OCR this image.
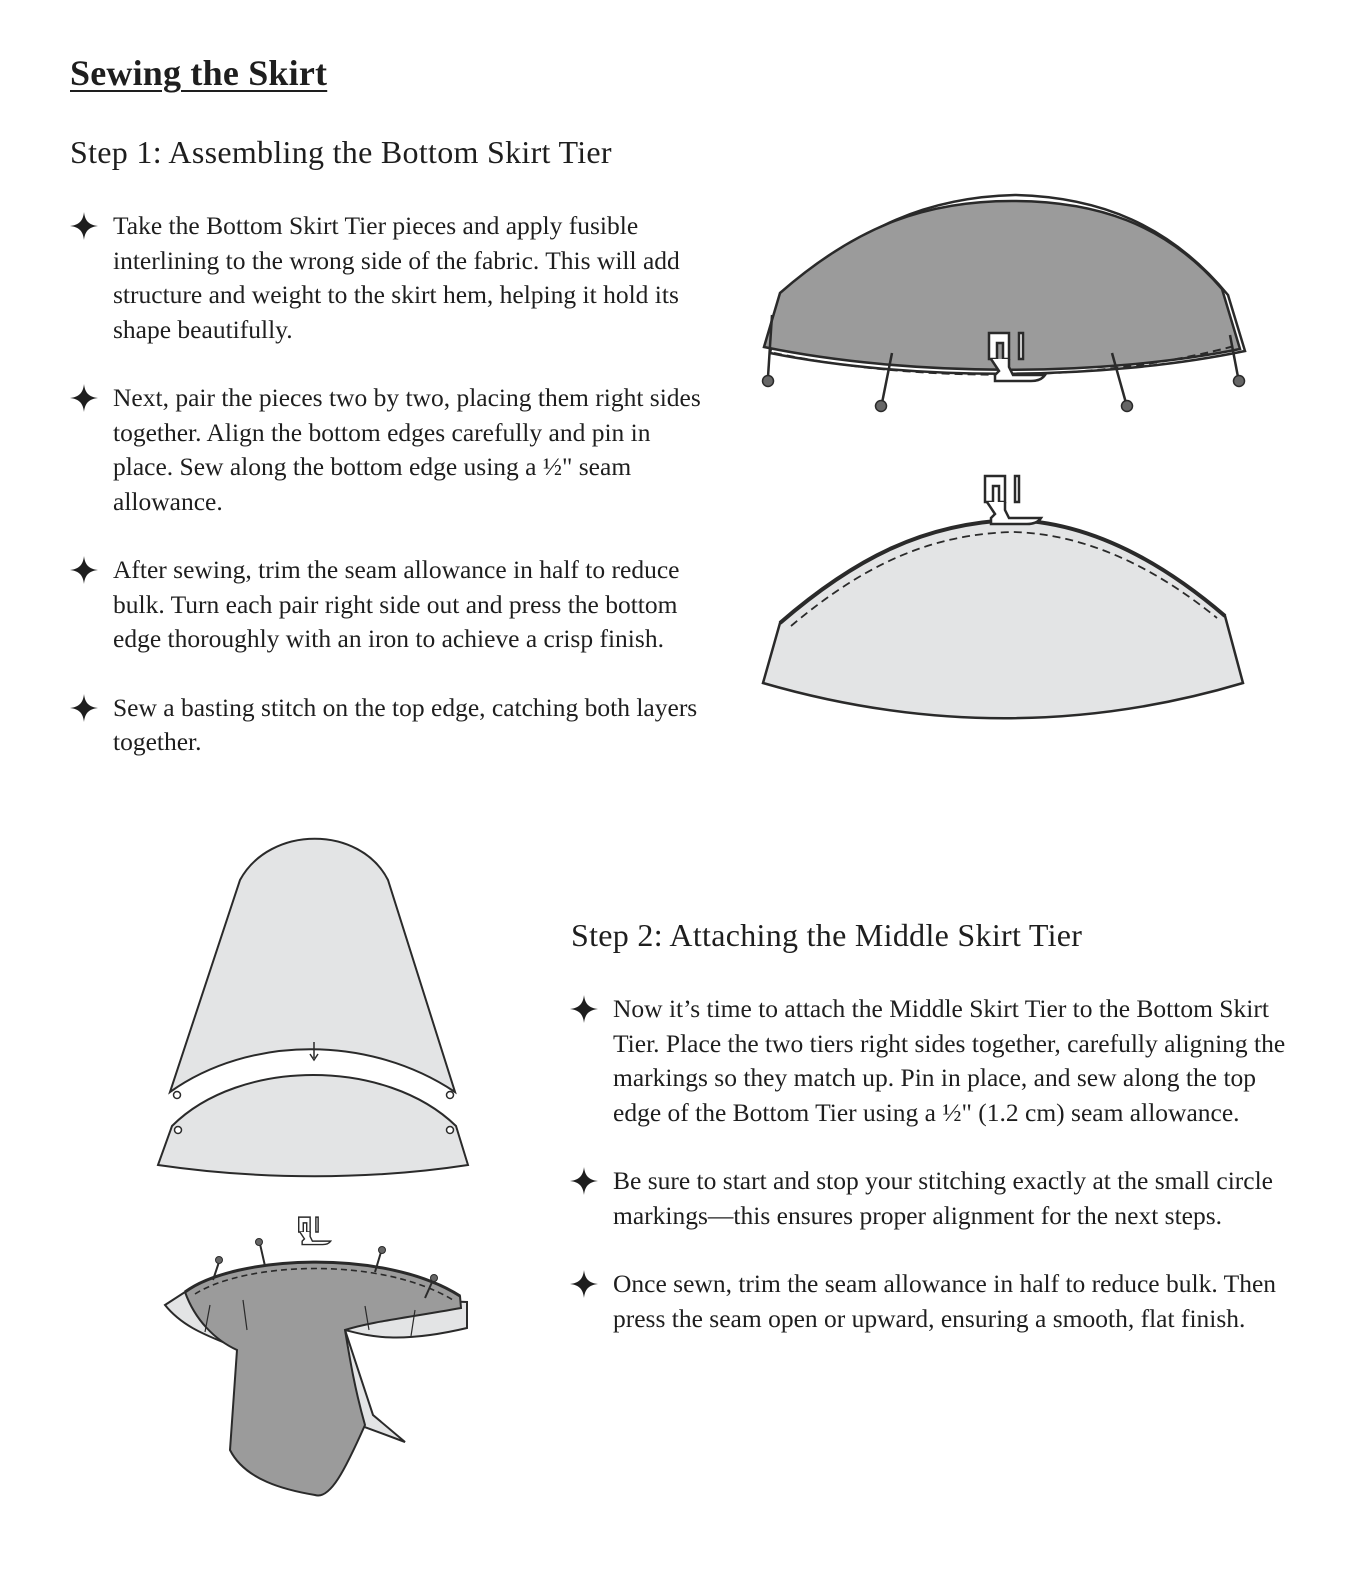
Sewing the Skirt
Step 1: Assembling the Bottom Skirt Tier
Take the Bottom Skirt Tier pieces and apply fusible interlining to the wrong side of the fabric. This will add structure and weight to the skirt hem, helping it hold its shape beautifully.
Next, pair the pieces two by two, placing them right sides together. Align the bottom edges carefully and pin in place. Sew along the bottom edge using a ½" seam allowance.
After sewing, trim the seam allowance in half to reduce bulk. Turn each pair right side out and press the bottom edge thoroughly with an iron to achieve a crisp finish.
Sew a basting stitch on the top edge, catching both layers together.
Step 2: Attaching the Middle Skirt Tier
Now it’s time to attach the Middle Skirt Tier to the Bottom Skirt Tier. Place the two tiers right sides together, carefully aligning the markings so they match up. Pin in place, and sew along the top edge of the Bottom Tier using a ½" (1.2 cm) seam allowance.
Be sure to start and stop your stitching exactly at the small circle markings—this ensures proper alignment for the next steps.
Once sewn, trim the seam allowance in half to reduce bulk. Then press the seam open or upward, ensuring a smooth, flat finish.
